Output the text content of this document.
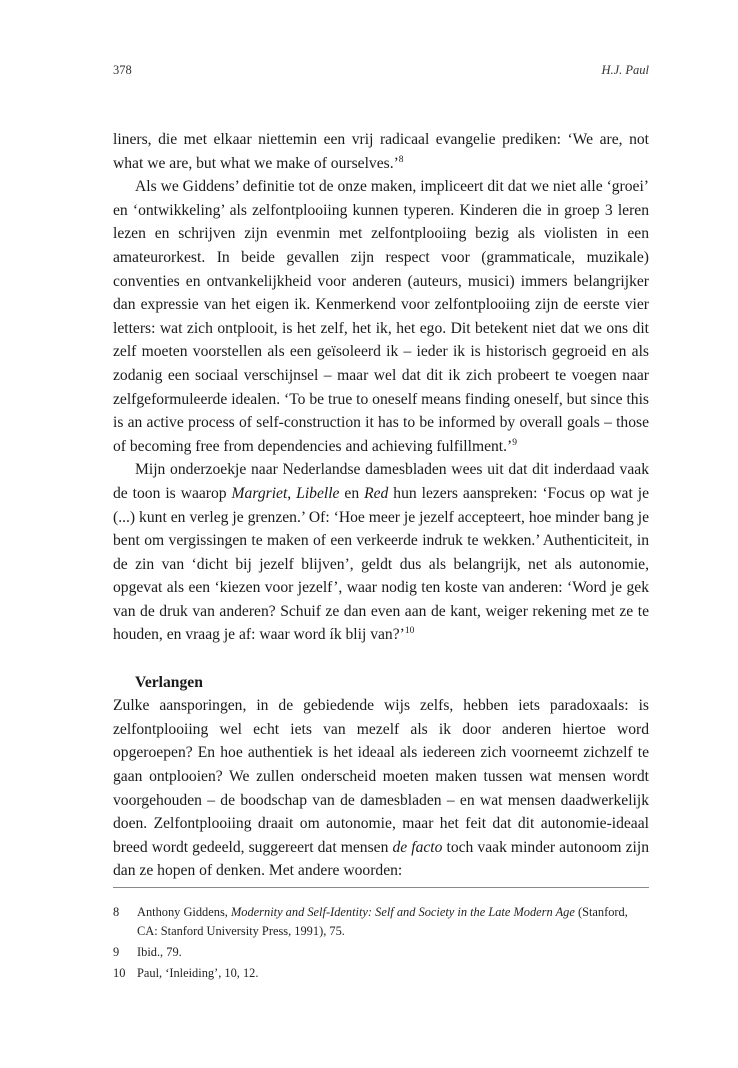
378	H.J. Paul

liners, die met elkaar niettemin een vrij radicaal evangelie prediken: ‘We are, not what we are, but what we make of ourselves.’$^8$

Als we Giddens’ definitie tot de onze maken, impliceert dit dat we niet alle ‘groei’ en ‘ontwikkeling’ als zelfontplooiing kunnen typeren. Kinderen die in groep 3 leren lezen en schrijven zijn evenmin met zelfontplooiing bezig als violisten in een amateurorkest. In beide gevallen zijn respect voor (grammaticale, muzikale) conventies en ontvankelijkheid voor anderen (auteurs, musici) immers belangrijker dan expressie van het eigen ik. Kenmerkend voor zelfontplooiing zijn de eerste vier letters: wat zich ontplooit, is het zelf, het ik, het ego. Dit betekent niet dat we ons dit zelf moeten voorstellen als een geïsoleerd ik – ieder ik is historisch gegroeid en als zodanig een sociaal verschijnsel – maar wel dat dit ik zich probeert te voegen naar zelfgeformuleerde idealen. ‘To be true to oneself means finding oneself, but since this is an active process of self-construction it has to be informed by overall goals – those of becoming free from dependencies and achieving fulfillment.’$^9$

Mijn onderzoekje naar Nederlandse damesbladen wees uit dat dit inderdaad vaak de toon is waarop Margriet, Libelle en Red hun lezers aanspreken: ‘Focus op wat je (...) kunt en verleg je grenzen.’ Of: ‘Hoe meer je jezelf accepteert, hoe minder bang je bent om vergissingen te maken of een verkeerde indruk te wekken.’ Authenticiteit, in de zin van ‘dicht bij jezelf blijven’, geldt dus als belangrijk, net als autonomie, opgevat als een ‘kiezen voor jezelf’, waar nodig ten koste van anderen: ‘Word je gek van de druk van anderen? Schuif ze dan even aan de kant, weiger rekening met ze te houden, en vraag je af: waar word ík blij van?’$^{10}$

Verlangen

Zulke aansporingen, in de gebiedende wijs zelfs, hebben iets paradoxaals: is zelfontplooiing wel echt iets van mezelf als ik door anderen hiertoe word opgeroepen? En hoe authentiek is het ideaal als iedereen zich voorneemt zichzelf te gaan ontplooien? We zullen onderscheid moeten maken tussen wat mensen wordt voorgehouden – de boodschap van de damesbladen – en wat mensen daadwerkelijk doen. Zelfontplooiing draait om autonomie, maar het feit dat dit autonomie-ideaal breed wordt gedeeld, suggereert dat mensen de facto toch vaak minder autonoom zijn dan ze hopen of denken. Met andere woorden:

8	Anthony Giddens, Modernity and Self-Identity: Self and Society in the Late Modern Age (Stanford, CA: Stanford University Press, 1991), 75.
9	Ibid., 79.
10 Paul, ‘Inleiding’, 10, 12.
